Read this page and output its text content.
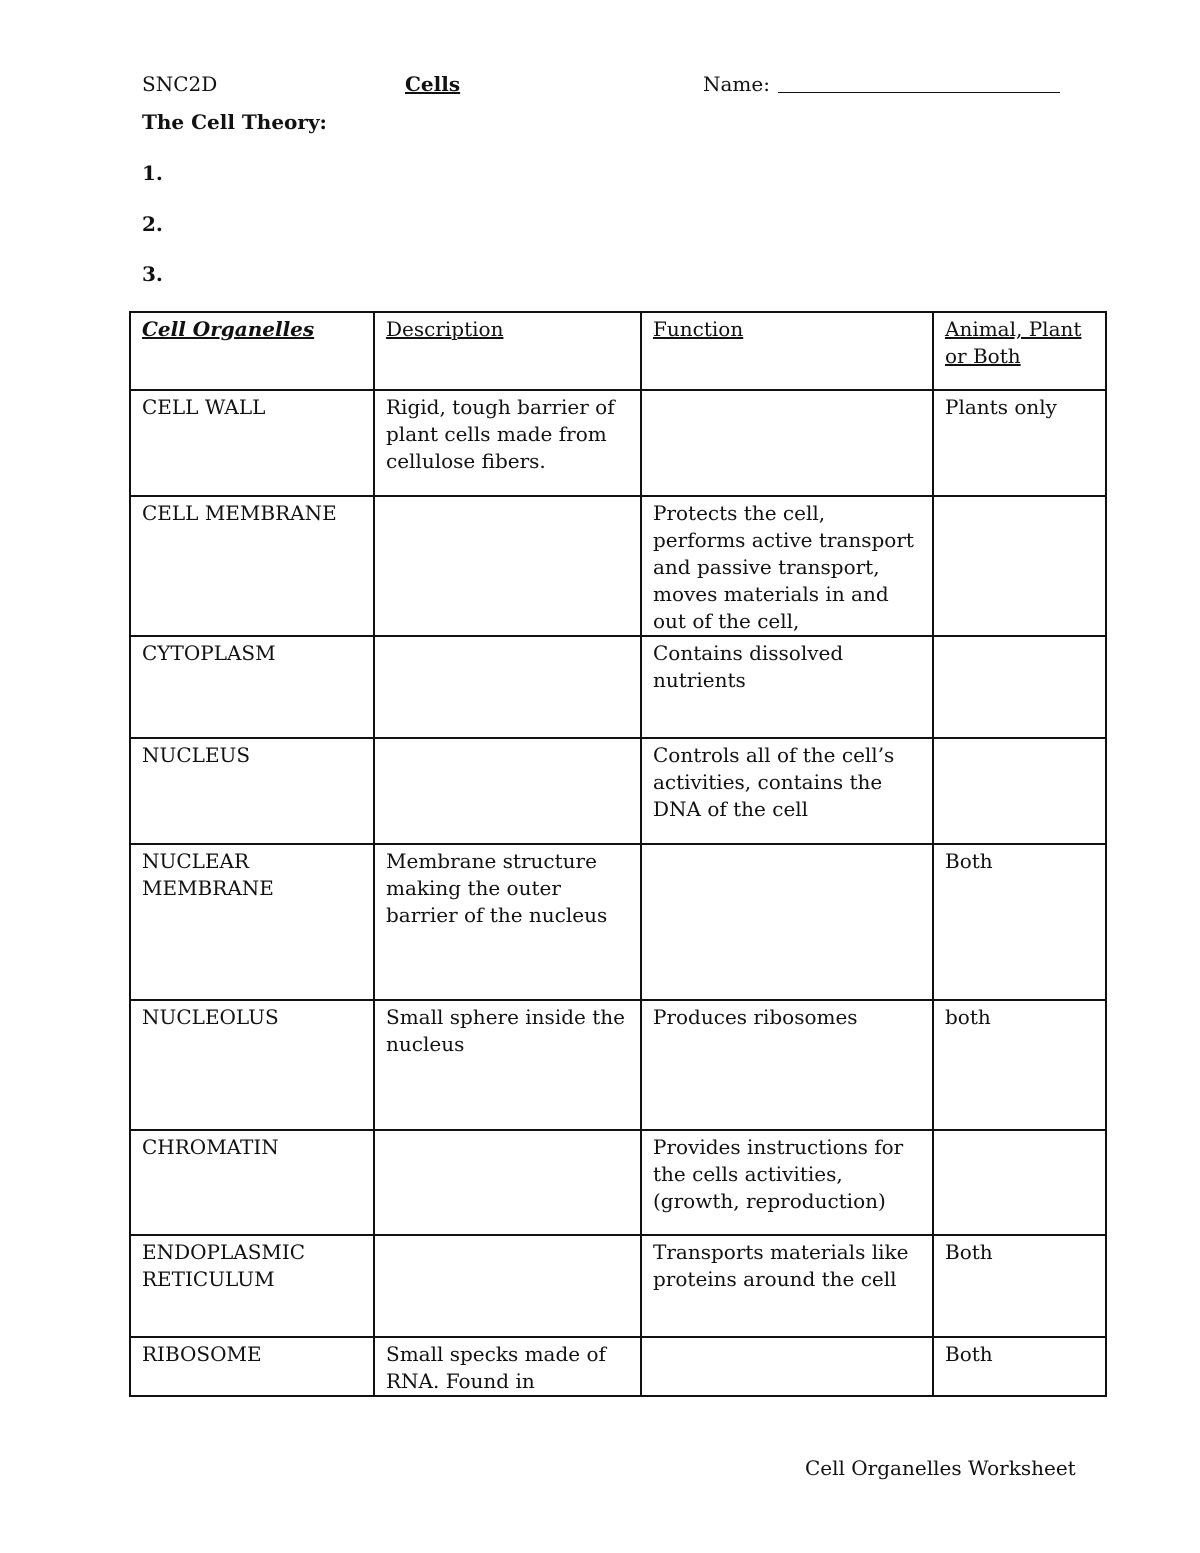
SNC2D	Cells	Name:
The Cell Theory:
1.
2.
3.
Cell Organelles	Description	Function	Animal, Plant or Both
CELL WALL	Rigid, tough barrier of plant cells made from cellulose fibers.		Plants only
CELL MEMBRANE		Protects the cell, performs active transport and passive transport, moves materials in and out of the cell,	
CYTOPLASM		Contains dissolved nutrients	
NUCLEUS		Controls all of the cell’s activities, contains the DNA of the cell	
NUCLEAR MEMBRANE	Membrane structure making the outer barrier of the nucleus		Both
NUCLEOLUS	Small sphere inside the nucleus	Produces ribosomes	both
CHROMATIN		Provides instructions for the cells activities, (growth, reproduction)	
ENDOPLASMIC RETICULUM		Transports materials like proteins around the cell	Both
RIBOSOME	Small specks made of RNA. Found in		Both
Cell Organelles Worksheet
